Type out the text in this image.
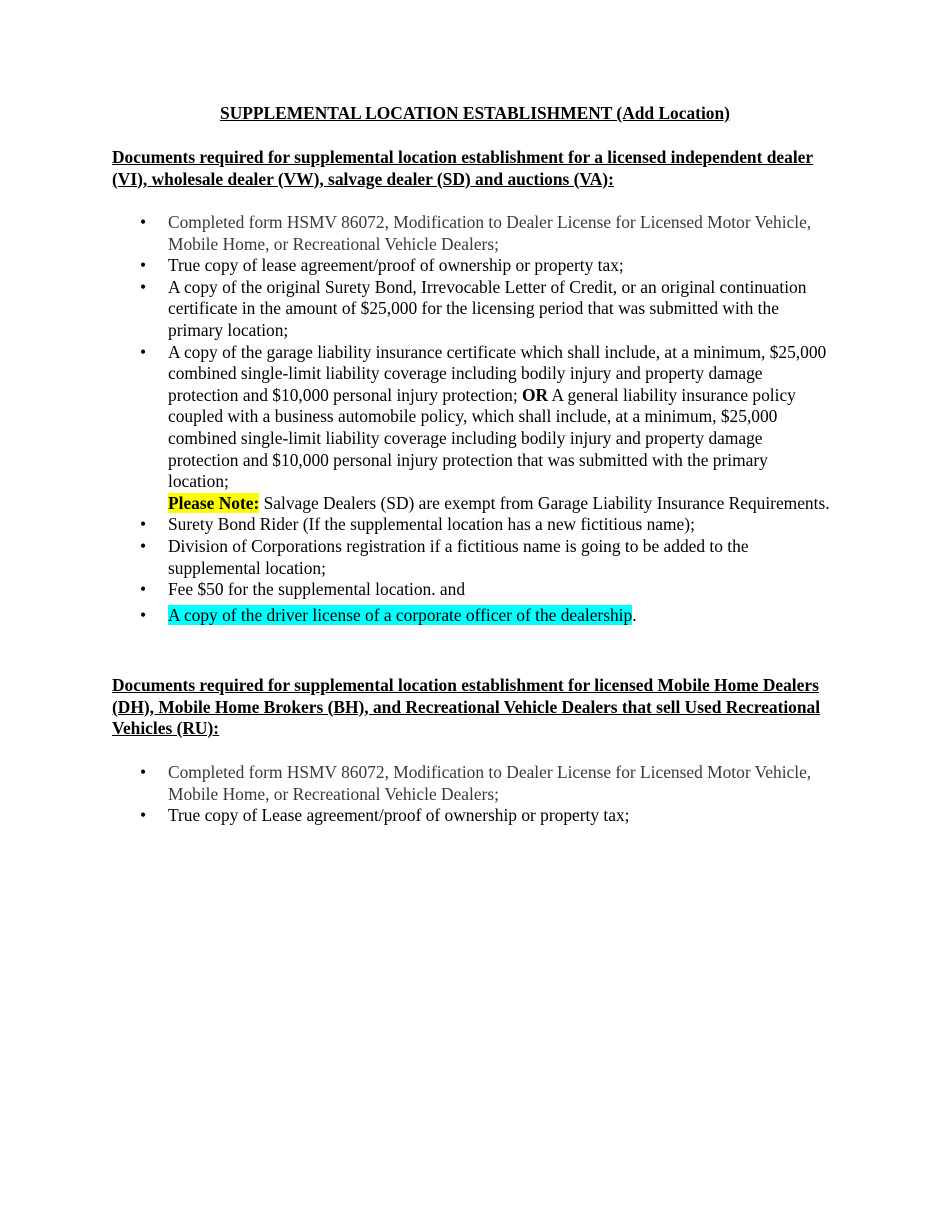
SUPPLEMENTAL LOCATION ESTABLISHMENT (Add Location)
Documents required for supplemental location establishment for a licensed independent dealer (VI), wholesale dealer (VW), salvage dealer (SD) and auctions (VA):
• Completed form HSMV 86072, Modification to Dealer License for Licensed Motor Vehicle, Mobile Home, or Recreational Vehicle Dealers;
• True copy of lease agreement/proof of ownership or property tax;
• A copy of the original Surety Bond, Irrevocable Letter of Credit, or an original continuation certificate in the amount of $25,000 for the licensing period that was submitted with the primary location;
• A copy of the garage liability insurance certificate which shall include, at a minimum, $25,000 combined single-limit liability coverage including bodily injury and property damage protection and $10,000 personal injury protection; OR A general liability insurance policy coupled with a business automobile policy, which shall include, at a minimum, $25,000 combined single-limit liability coverage including bodily injury and property damage protection and $10,000 personal injury protection that was submitted with the primary location;
Please Note: Salvage Dealers (SD) are exempt from Garage Liability Insurance Requirements.
• Surety Bond Rider (If the supplemental location has a new fictitious name);
• Division of Corporations registration if a fictitious name is going to be added to the supplemental location;
• Fee $50 for the supplemental location. and
• A copy of the driver license of a corporate officer of the dealership.
Documents required for supplemental location establishment for licensed Mobile Home Dealers (DH), Mobile Home Brokers (BH), and Recreational Vehicle Dealers that sell Used Recreational Vehicles (RU):
• Completed form HSMV 86072, Modification to Dealer License for Licensed Motor Vehicle, Mobile Home, or Recreational Vehicle Dealers;
• True copy of Lease agreement/proof of ownership or property tax;
